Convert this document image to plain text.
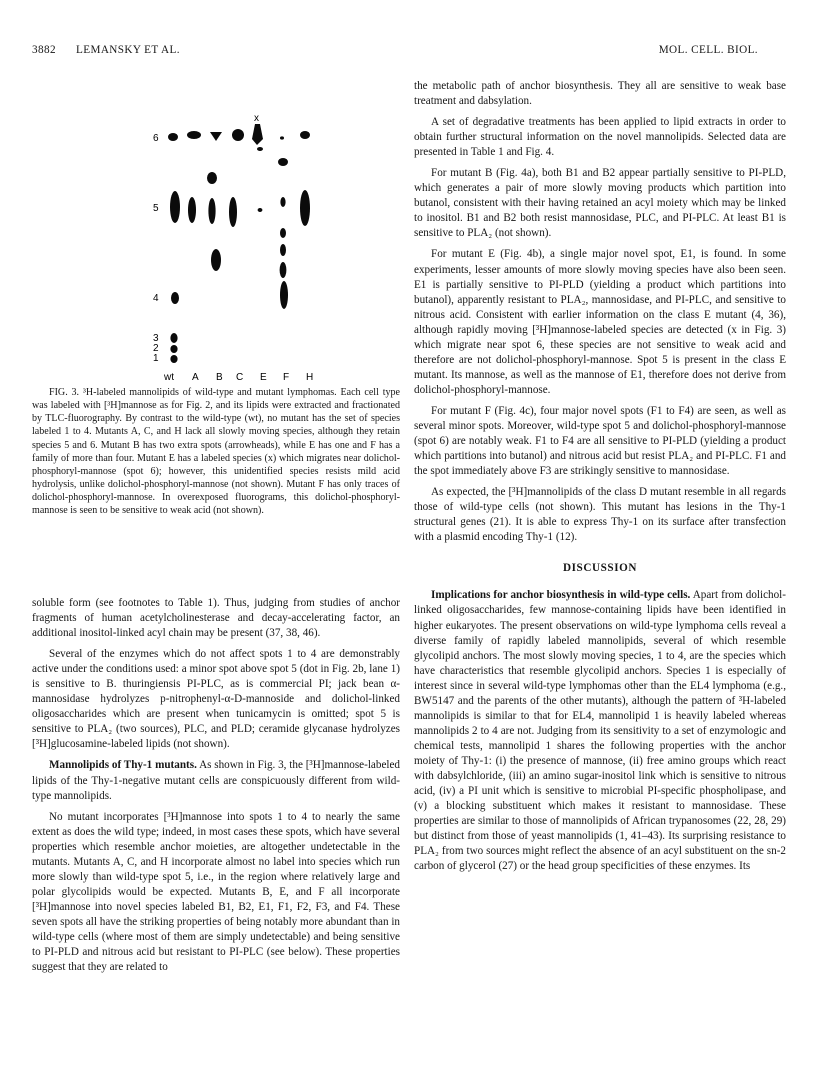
3882 LEMANSKY ET AL.	MOL. CELL. BIOL.
6
5
4
3
2
1
wt A B C E F H
x

FIG. 3. ³H-labeled mannolipids of wild-type and mutant lymphomas. Each cell type was labeled with [³H]mannose as for Fig. 2, and its lipids were extracted and fractionated by TLC-fluorography. By contrast to the wild-type (wt), no mutant has the set of species labeled 1 to 4. Mutants A, C, and H lack all slowly moving species, although they retain species 5 and 6. Mutant B has two extra spots (arrowheads), while E has one and F has a family of more than four. Mutant E has a labeled species (x) which migrates near dolichol-phosphoryl-mannose (spot 6); however, this unidentified species resists mild acid hydrolysis, unlike dolichol-phosphoryl-mannose (not shown). Mutant F has only traces of dolichol-phosphoryl-mannose. In overexposed fluorograms, this dolichol-phosphoryl-mannose is seen to be sensitive to weak acid (not shown).

soluble form (see footnotes to Table 1). Thus, judging from studies of anchor fragments of human acetylcholinesterase and decay-accelerating factor, an additional inositol-linked acyl chain may be present (37, 38, 46).

Several of the enzymes which do not affect spots 1 to 4 are demonstrably active under the conditions used: a minor spot above spot 5 (dot in Fig. 2b, lane 1) is sensitive to B. thuringiensis PI-PLC, as is commercial PI; jack bean α-mannosidase hydrolyzes p-nitrophenyl-α-D-mannoside and dolichol-linked oligosaccharides which are present when tunicamycin is omitted; spot 5 is sensitive to PLA₂ (two sources), PLC, and PLD; ceramide glycanase hydrolyzes [³H]glucosamine-labeled lipids (not shown).

Mannolipids of Thy-1 mutants. As shown in Fig. 3, the [³H]mannose-labeled lipids of the Thy-1-negative mutant cells are conspicuously different from wild-type mannolipids.

No mutant incorporates [³H]mannose into spots 1 to 4 to nearly the same extent as does the wild type; indeed, in most cases these spots, which have several properties which resemble anchor moieties, are altogether undetectable in the mutants. Mutants A, C, and H incorporate almost no label into species which run more slowly than wild-type spot 5, i.e., in the region where relatively large and polar glycolipids would be expected. Mutants B, E, and F all incorporate [³H]mannose into novel species labeled B1, B2, E1, F1, F2, F3, and F4. These seven spots all have the striking properties of being notably more abundant than in wild-type cells (where most of them are simply undetectable) and being sensitive to PI-PLD and nitrous acid but resistant to PI-PLC (see below). These properties suggest that they are related to

the metabolic path of anchor biosynthesis. They all are sensitive to weak base treatment and dabsylation.

A set of degradative treatments has been applied to lipid extracts in order to obtain further structural information on the novel mannolipids. Selected data are presented in Table 1 and Fig. 4.

For mutant B (Fig. 4a), both B1 and B2 appear partially sensitive to PI-PLD, which generates a pair of more slowly moving products which partition into butanol, consistent with their having retained an acyl moiety which may be linked to inositol. B1 and B2 both resist mannosidase, PLC, and PI-PLC. At least B1 is sensitive to PLA₂ (not shown).

For mutant E (Fig. 4b), a single major novel spot, E1, is found. In some experiments, lesser amounts of more slowly moving species have also been seen. E1 is partially sensitive to PI-PLD (yielding a product which partitions into butanol), apparently resistant to PLA₂, mannosidase, and PI-PLC, and sensitive to nitrous acid. Consistent with earlier information on the class E mutant (4, 36), although rapidly moving [³H]mannose-labeled species are detected (x in Fig. 3) which migrate near spot 6, these species are not sensitive to weak acid and therefore are not dolichol-phosphoryl-mannose. Spot 5 is present in the class E mutant. Its mannose, as well as the mannose of E1, therefore does not derive from dolichol-phosphoryl-mannose.

For mutant F (Fig. 4c), four major novel spots (F1 to F4) are seen, as well as several minor spots. Moreover, wild-type spot 5 and dolichol-phosphoryl-mannose (spot 6) are notably weak. F1 to F4 are all sensitive to PI-PLD (yielding a product which partitions into butanol) and nitrous acid but resist PLA₂ and PI-PLC. F1 and the spot immediately above F3 are strikingly sensitive to mannosidase.

As expected, the [³H]mannolipids of the class D mutant resemble in all regards those of wild-type cells (not shown). This mutant has lesions in the Thy-1 structural genes (21). It is able to express Thy-1 on its surface after transfection with a plasmid encoding Thy-1 (12).

DISCUSSION

Implications for anchor biosynthesis in wild-type cells. Apart from dolichol-linked oligosaccharides, few mannose-containing lipids have been identified in higher eukaryotes. The present observations on wild-type lymphoma cells reveal a diverse family of rapidly labeled mannolipids, several of which resemble glycolipid anchors. The most slowly moving species, 1 to 4, are the species which have characteristics that resemble glycolipid anchors. Species 1 is especially of interest since in several wild-type lymphomas other than the EL4 lymphoma (e.g., BW5147 and the parents of the other mutants), although the pattern of ³H-labeled mannolipids is similar to that for EL4, mannolipid 1 is heavily labeled whereas mannolipids 2 to 4 are not. Judging from its sensitivity to a set of enzymologic and chemical tests, mannolipid 1 shares the following properties with the anchor moiety of Thy-1: (i) the presence of mannose, (ii) free amino groups which react with dabsylchloride, (iii) an amino sugar-inositol link which is sensitive to nitrous acid, (iv) a PI unit which is sensitive to microbial PI-specific phospholipase, and (v) a blocking substituent which makes it resistant to mannosidase. These properties are similar to those of mannolipids of African trypanosomes (22, 28, 29) but distinct from those of yeast mannolipids (1, 41–43). Its surprising resistance to PLA₂ from two sources might reflect the absence of an acyl substituent on the sn-2 carbon of glycerol (27) or the head group specificities of these enzymes. Its
